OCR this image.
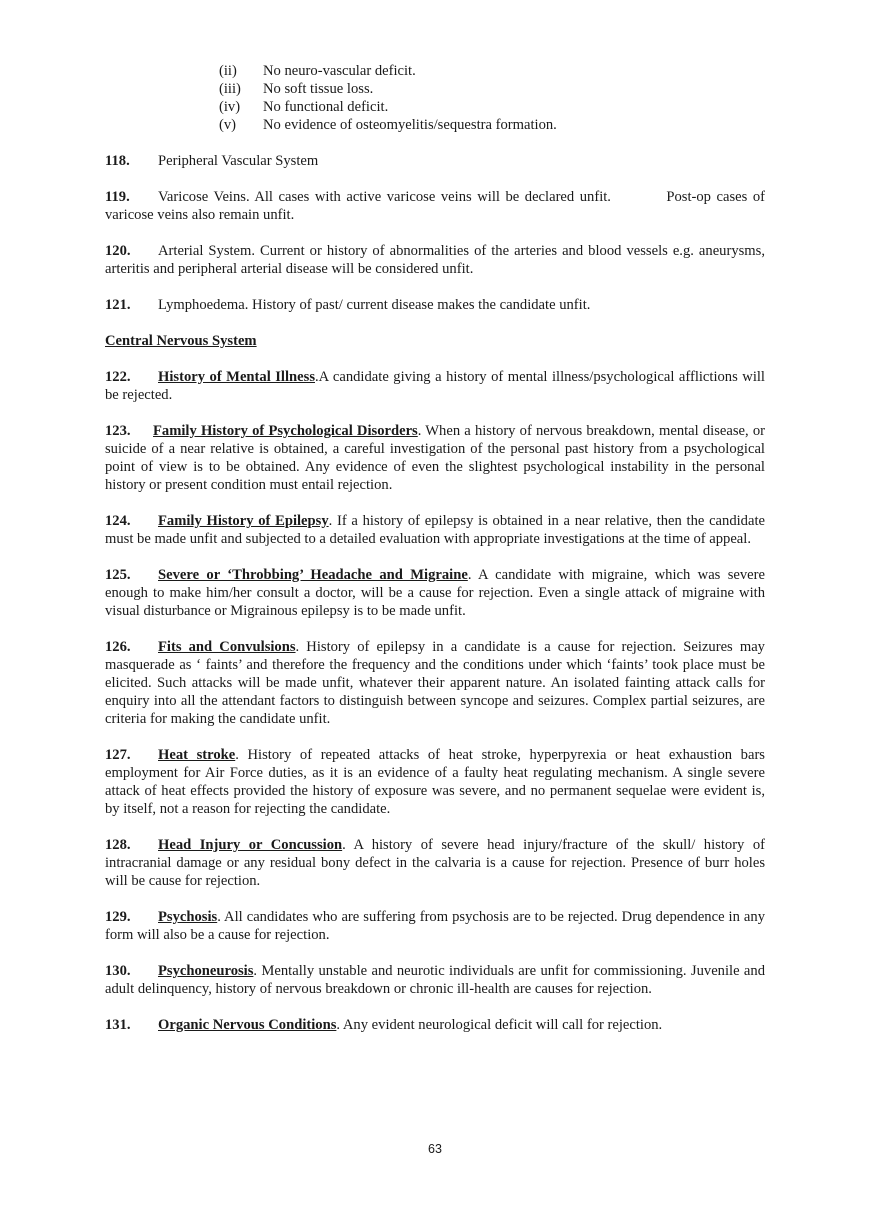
(ii)	No neuro-vascular deficit.
(iii)	No soft tissue loss.
(iv)	No functional deficit.
(v)	No evidence of osteomyelitis/sequestra formation.
118. Peripheral Vascular System
119. Varicose Veins. All cases with active varicose veins will be declared unfit.          Post-op cases of varicose veins also remain unfit.
120. Arterial System. Current or history of abnormalities of the arteries and blood vessels e.g. aneurysms, arteritis and peripheral arterial disease will be considered unfit.
121. Lymphoedema. History of past/ current disease makes the candidate unfit.
Central Nervous System
122. History of Mental Illness.A candidate giving a history of mental illness/psychological afflictions will be rejected.
123. Family History of Psychological Disorders. When a history of nervous breakdown, mental disease, or suicide of a near relative is obtained, a careful investigation of the personal past history from a psychological point of view is to be obtained. Any evidence of even the slightest psychological instability in the personal history or present condition must entail rejection.
124. Family History of Epilepsy. If a history of epilepsy is obtained in a near relative, then the candidate must be made unfit and subjected to a detailed evaluation with appropriate investigations at the time of appeal.
125. Severe or ‘Throbbing’ Headache and Migraine. A candidate with migraine, which was severe enough to make him/her consult a doctor, will be a cause for rejection. Even a single attack of migraine with visual disturbance or Migrainous epilepsy is to be made unfit.
126. Fits and Convulsions. History of epilepsy in a candidate is a cause for rejection. Seizures may masquerade as ‘ faints’ and therefore the frequency and the conditions under which ‘faints’ took place must be elicited. Such attacks will be made unfit, whatever their apparent nature. An isolated fainting attack calls for enquiry into all the attendant factors to distinguish between syncope and seizures. Complex partial seizures, are criteria for making the candidate unfit.
127. Heat stroke. History of repeated attacks of heat stroke, hyperpyrexia or heat exhaustion bars employment for Air Force duties, as it is an evidence of a faulty heat regulating mechanism. A single severe attack of heat effects provided the history of exposure was severe, and no permanent sequelae were evident is, by itself, not a reason for rejecting the candidate.
128. Head Injury or Concussion. A history of severe head injury/fracture of the skull/ history of intracranial damage or any residual bony defect in the calvaria is a cause for rejection. Presence of burr holes will be cause for rejection.
129. Psychosis. All candidates who are suffering from psychosis are to be rejected. Drug dependence in any form will also be a cause for rejection.
130. Psychoneurosis. Mentally unstable and neurotic individuals are unfit for commissioning. Juvenile and adult delinquency, history of nervous breakdown or chronic ill-health are causes for rejection.
131. Organic Nervous Conditions. Any evident neurological deficit will call for rejection.
63
